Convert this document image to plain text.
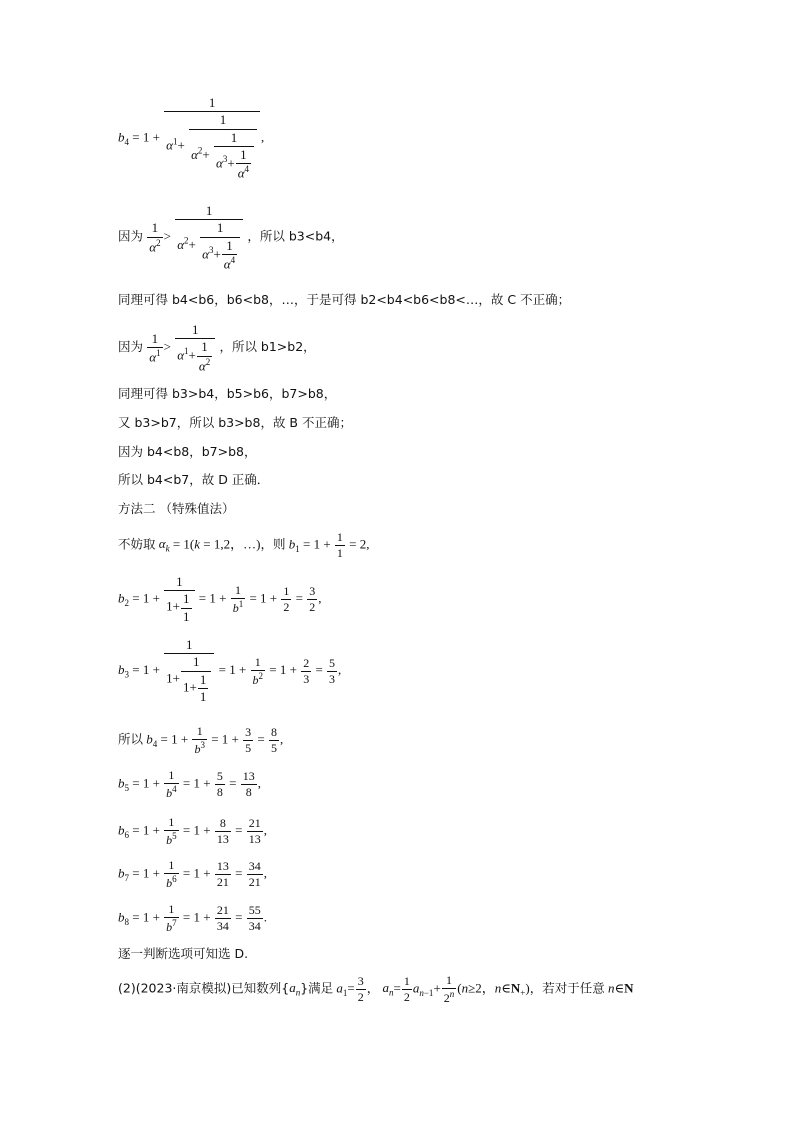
$b_4 = 1 + \frac{1}{\alpha^1+ \frac{1}{\alpha^2+ \frac{1}{\alpha^3+ \frac{1}{\alpha^4}}}}$ ,
因为 $\frac{1}{\alpha^2} > \frac{1}{\alpha^2+ \frac{1}{\alpha^3+ \frac{1}{\alpha^4}}}$ ，所以 b3<b4，
同理可得 b4<b6，b6<b8，…，于是可得 b2<b4<b6<b8<…，故 C 不正确；
因为 $\frac{1}{\alpha^1} > \frac{1}{\alpha^1+ \frac{1}{\alpha^2}}$ ，所以 b1>b2，
同理可得 b3>b4，b5>b6，b7>b8，
又 b3>b7，所以 b3>b8，故 B 不正确；
因为 b4<b8，b7>b8，
所以 b4<b7，故 D 正确．
方法二 （特殊值法）
不妨取 $\alpha_k = 1(k = 1,2$，…)，则 $b_1 = 1 + \frac{1}{1} = 2$,
$b_2 = 1 + \frac{1}{1+ \frac{1}{1}} = 1 + \frac{1}{b^1} = 1 + \frac{1}{2} = \frac{3}{2}$ ,
$b_3 = 1 + \frac{1}{1+ \frac{1}{1+ \frac{1}{1}}} = 1 + \frac{1}{b^2} = 1 + \frac{2}{3} = \frac{5}{3}$ ,
所以 $b_4 = 1 + \frac{1}{b^3} = 1 + \frac{3}{5} = \frac{8}{5}$ ,
$b_5 = 1 + \frac{1}{b^4} = 1 + \frac{5}{8} = \frac{13}{8}$ ,
$b_6 = 1 + \frac{1}{b^5} = 1 + \frac{8}{13} = \frac{21}{13}$ ,
$b_7 = 1 + \frac{1}{b^6} = 1 + \frac{13}{21} = \frac{34}{21}$ ,
$b_8 = 1 + \frac{1}{b^7} = 1 + \frac{21}{34} = \frac{55}{34}$ .
逐一判断选项可知选 D.
(2)(2023·南京模拟)已知数列$\{a_n\}$满足 $a_1= \frac{3}{2}$ ， $a_n= \frac{1}{2} a_{n-1}+ \frac{1}{2^n} (n\ge 2$，$n\in N_+$)，若对于任意 n∈N
